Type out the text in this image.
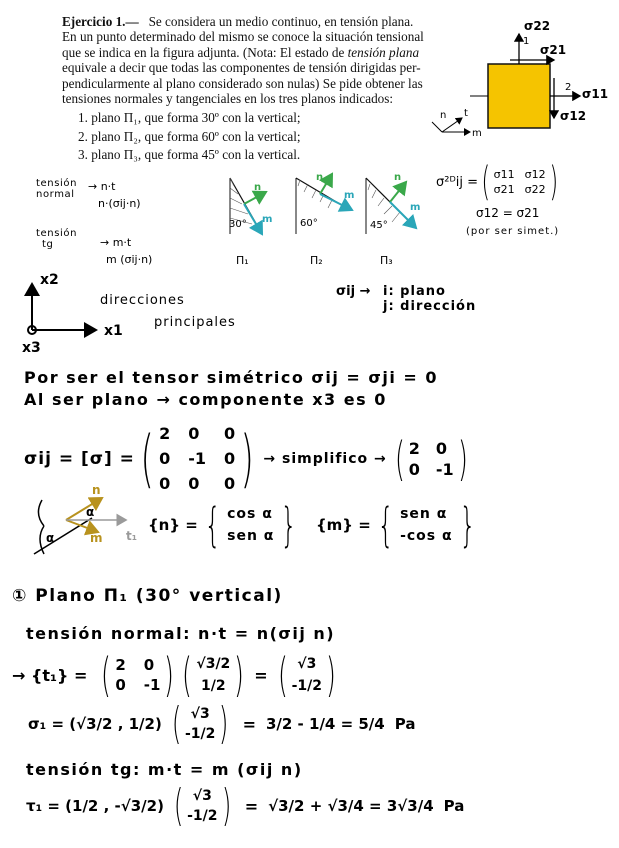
Ejercicio 1.— Se considera un medio continuo, en tensión plana.
En un punto determinado del mismo se conoce la situación tensional
que se indica en la figura adjunta. (Nota: El estado de tensión plana
equivale a decir que todas las componentes de tensión dirigidas per-
pendicularmente al plano considerado son nulas) Se pide obtener las
tensiones normales y tangenciales en los tres planos indicados:
1. plano Π₁, que forma 30º con la vertical;
2. plano Π₂, que forma 60º con la vertical;
3. plano Π₃, que forma 45º con la vertical.
1
σ22
σ21
2 σ11
σ12
n t
m
σ²ᴰij = ( σ11 σ12
σ21 σ22 )
σ12 = σ21
(por ser simet.)
tensión
normal
→ n·t
n·(σij·n)
tensión
tg	→ m·t
m (σij·n)
n
m
30°
Π₁
n
m
60°
Π₂
n
m
45°
Π₃
x2
x1
x3
direcciones
principales
σij → i: plano
j: dirección
Por ser el tensor simétrico σij = σji = 0
Al ser plano → componente x3 es 0
σij = [σ] = ( 2 0	0
0 -1 0
0 0	0 ) → simplifico → ( 2 0
0 -1 )
α
α
n
m t₁
{n} = { cos α
sen α } {m} = { sen α
-cos α }
① Plano Π₁ (30° vertical)
tensión normal: n·t = n(σij n)
→ {t₁} = ( 2 0
0 -1 ) ( √3/2
1/2 ) = ( √3
-1/2 )
σ₁ = (√3/2 , 1/2) ( √3
-1/2 ) = 3/2 - 1/4 = 5/4 Pa
tensión tg: m·t = m (σij n)
τ₁ = (1/2 , -√3/2) ( √3
-1/2 ) = √3/2 + √3/4 = 3√3/4 Pa
